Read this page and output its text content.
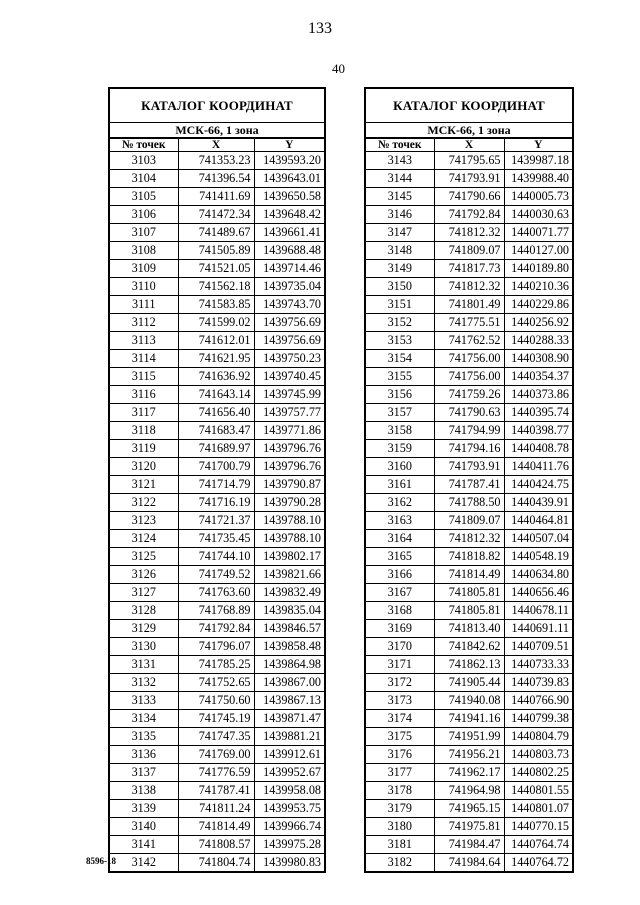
133
40
КАТАЛОГ КООРДИНАТ
МСК-66, 1 зона
№ точек	X	Y
3103	741353.23	1439593.20
3104	741396.54	1439643.01
3105	741411.69	1439650.58
3106	741472.34	1439648.42
3107	741489.67	1439661.41
3108	741505.89	1439688.48
3109	741521.05	1439714.46
3110	741562.18	1439735.04
3111	741583.85	1439743.70
3112	741599.02	1439756.69
3113	741612.01	1439756.69
3114	741621.95	1439750.23
3115	741636.92	1439740.45
3116	741643.14	1439745.99
3117	741656.40	1439757.77
3118	741683.47	1439771.86
3119	741689.97	1439796.76
3120	741700.79	1439796.76
3121	741714.79	1439790.87
3122	741716.19	1439790.28
3123	741721.37	1439788.10
3124	741735.45	1439788.10
3125	741744.10	1439802.17
3126	741749.52	1439821.66
3127	741763.60	1439832.49
3128	741768.89	1439835.04
3129	741792.84	1439846.57
3130	741796.07	1439858.48
3131	741785.25	1439864.98
3132	741752.65	1439867.00
3133	741750.60	1439867.13
3134	741745.19	1439871.47
3135	741747.35	1439881.21
3136	741769.00	1439912.61
3137	741776.59	1439952.67
3138	741787.41	1439958.08
3139	741811.24	1439953.75
3140	741814.49	1439966.74
3141	741808.57	1439975.28
3142	741804.74	1439980.83
КАТАЛОГ КООРДИНАТ
МСК-66, 1 зона
№ точек	X	Y
3143	741795.65	1439987.18
3144	741793.91	1439988.40
3145	741790.66	1440005.73
3146	741792.84	1440030.63
3147	741812.32	1440071.77
3148	741809.07	1440127.00
3149	741817.73	1440189.80
3150	741812.32	1440210.36
3151	741801.49	1440229.86
3152	741775.51	1440256.92
3153	741762.52	1440288.33
3154	741756.00	1440308.90
3155	741756.00	1440354.37
3156	741759.26	1440373.86
3157	741790.63	1440395.74
3158	741794.99	1440398.77
3159	741794.16	1440408.78
3160	741793.91	1440411.76
3161	741787.41	1440424.75
3162	741788.50	1440439.91
3163	741809.07	1440464.81
3164	741812.32	1440507.04
3165	741818.82	1440548.19
3166	741814.49	1440634.80
3167	741805.81	1440656.46
3168	741805.81	1440678.11
3169	741813.40	1440691.11
3170	741842.62	1440709.51
3171	741862.13	1440733.33
3172	741905.44	1440739.83
3173	741940.08	1440766.90
3174	741941.16	1440799.38
3175	741951.99	1440804.79
3176	741956.21	1440803.73
3177	741962.17	1440802.25
3178	741964.98	1440801.55
3179	741965.15	1440801.07
3180	741975.81	1440770.15
3181	741984.47	1440764.74
3182	741984.64	1440764.72
8596-18
